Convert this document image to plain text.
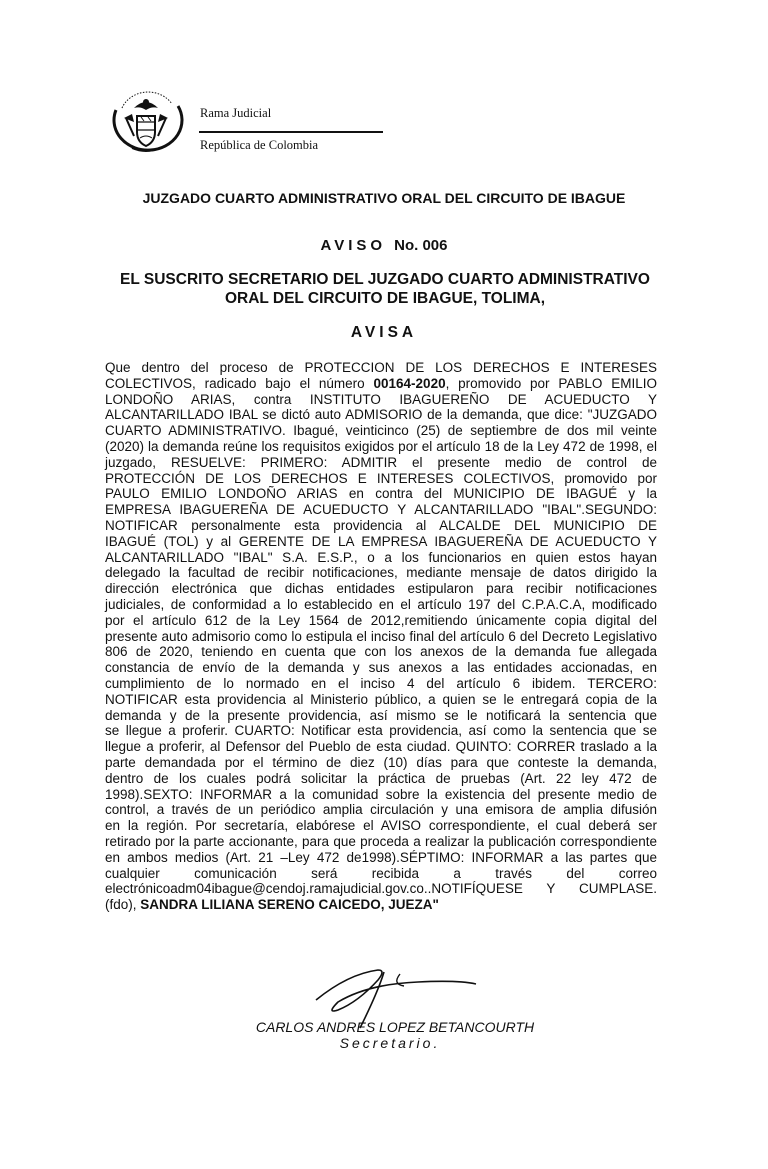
Rama Judicial
República de Colombia
JUZGADO CUARTO ADMINISTRATIVO ORAL DEL CIRCUITO DE IBAGUE
AVISO No. 006
EL SUSCRITO SECRETARIO DEL JUZGADO CUARTO ADMINISTRATIVO ORAL DEL CIRCUITO DE IBAGUE, TOLIMA,
AVISA
Que dentro del proceso de PROTECCION DE LOS DERECHOS E INTERESES
COLECTIVOS, radicado bajo el número 00164-2020, promovido por PABLO EMILIO
LONDOÑO ARIAS, contra INSTITUTO IBAGUEREÑO DE ACUEDUCTO Y
ALCANTARILLADO IBAL se dictó auto ADMISORIO de la demanda, que dice: "JUZGADO
CUARTO ADMINISTRATIVO. Ibagué, veinticinco (25) de septiembre de dos mil veinte
(2020) la demanda reúne los requisitos exigidos por el artículo 18 de la Ley 472 de 1998, el
juzgado, RESUELVE: PRIMERO: ADMITIR el presente medio de control de
PROTECCIÓN DE LOS DERECHOS E INTERESES COLECTIVOS, promovido por
PAULO EMILIO LONDOÑO ARIAS en contra del MUNICIPIO DE IBAGUÉ y la
EMPRESA IBAGUEREÑA DE ACUEDUCTO Y ALCANTARILLADO "IBAL".SEGUNDO:
NOTIFICAR personalmente esta providencia al ALCALDE DEL MUNICIPIO DE
IBAGUÉ (TOL) y al GERENTE DE LA EMPRESA IBAGUEREÑA DE ACUEDUCTO Y
ALCANTARILLADO "IBAL" S.A. E.S.P., o a los funcionarios en quien estos hayan
delegado la facultad de recibir notificaciones, mediante mensaje de datos dirigido la
dirección electrónica que dichas entidades estipularon para recibir notificaciones
judiciales, de conformidad a lo establecido en el artículo 197 del C.P.A.C.A, modificado
por el artículo 612 de la Ley 1564 de 2012,remitiendo únicamente copia digital del
presente auto admisorio como lo estipula el inciso final del artículo 6 del Decreto Legislativo
806 de 2020, teniendo en cuenta que con los anexos de la demanda fue allegada
constancia de envío de la demanda y sus anexos a las entidades accionadas, en
cumplimiento de lo normado en el inciso 4 del artículo 6 ibidem. TERCERO:
NOTIFICAR esta providencia al Ministerio público, a quien se le entregará copia de la
demanda y de la presente providencia, así mismo se le notificará la sentencia que
se llegue a proferir. CUARTO: Notificar esta providencia, así como la sentencia que se
llegue a proferir, al Defensor del Pueblo de esta ciudad. QUINTO: CORRER traslado a la
parte demandada por el término de diez (10) días para que conteste la demanda,
dentro de los cuales podrá solicitar la práctica de pruebas (Art. 22 ley 472 de
1998).SEXTO: INFORMAR a la comunidad sobre la existencia del presente medio de
control, a través de un periódico amplia circulación y una emisora de amplia difusión
en la región. Por secretaría, elabórese el AVISO correspondiente, el cual deberá ser
retirado por la parte accionante, para que proceda a realizar la publicación correspondiente
en ambos medios (Art. 21 –Ley 472 de1998).SÉPTIMO: INFORMAR a las partes que
cualquier comunicación será recibida a través del correo
electrónicoadm04ibague@cendoj.ramajudicial.gov.co..NOTIFÍQUESE Y CUMPLASE.
(fdo), SANDRA LILIANA SERENO CAICEDO, JUEZA"
CARLOS ANDRES LOPEZ BETANCOURTH
Secretario.
